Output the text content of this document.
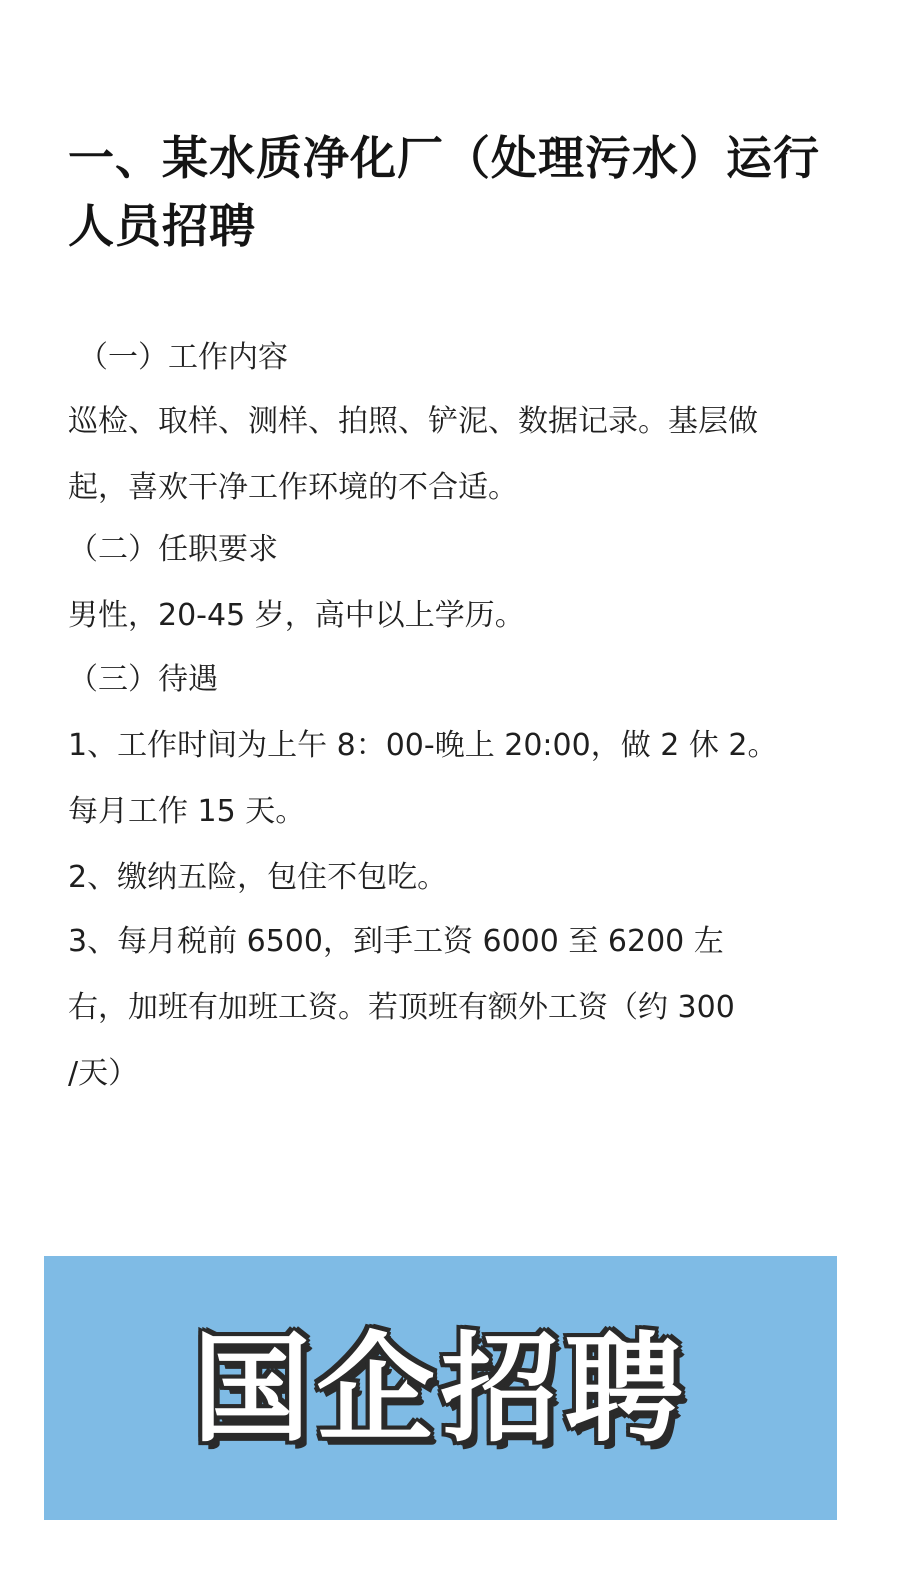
一、某水质净化厂（处理污水）运行人员招聘
（一）工作内容
巡检、取样、测样、拍照、铲泥、数据记录。基层做
起，喜欢干净工作环境的不合适。
（二）任职要求
男性，20-45 岁，高中以上学历。
（三）待遇
1、工作时间为上午 8：00-晚上 20:00，做 2 休 2。
每月工作 15 天。
2、缴纳五险，包住不包吃。
3、每月税前 6500，到手工资 6000 至 6200 左
右，加班有加班工资。若顶班有额外工资（约 300
/天）
国企招聘
